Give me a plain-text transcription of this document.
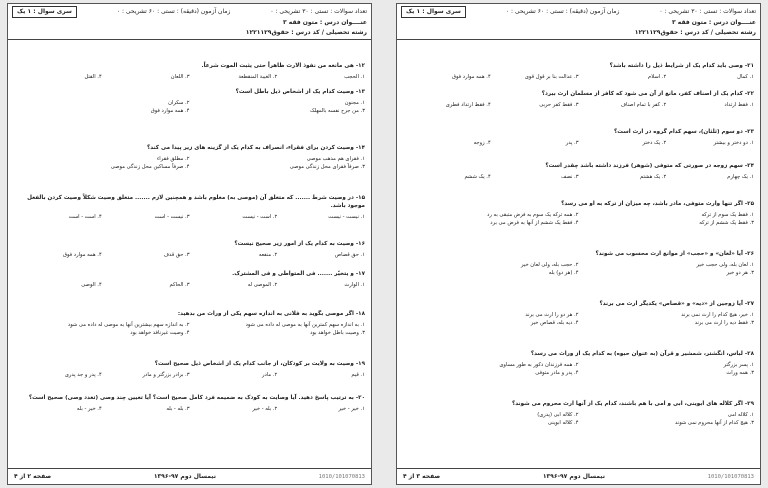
تعداد سوالات : تستی : ۳۰ تشریحی : ۰
زمان آزمون (دقیقه) : تستی : ۶۰ تشریحی : ۰
سری سوال : ۱ یک
عنــــوان درس : متون فقه ۳
رشته تحصیلی / کد درس : حقوق۱۲۲۱۱۲۹
۱۲- هی مانعه من نفوذ الارث ظاهراً حتی یثبت الموت شرعاً.
۱. الحجب
۲. الغیبة المنقطعة
۳. اللعان
۴. القتل
۱۳- وصیت کدام یک از اشخاص ذیل باطل است؟
۱. مجنون
۲. سکران
۳. من جرح نفسه بالمهلک
۴. همه موارد فوق
۱۴- وصیت کردن برای فقراء، انصراف به کدام یک از گزینه های زیر پیدا می کند؟
۱. فقرای هم مذهب موصی
۲. مطلق فقراء
۳. صرفاً فقرای محل زندگی موصی
۴. صرفاً مساکین محل زندگی موصی
۱۵- در وصیت شرط ....... که متعلق آن (موصی به) معلوم باشد و همچنین لازم ....... متعلق وصیت شکلاً وصیت کردن بالفعل موجود باشد.
۱. نیست - نیست
۲. است - نیست
۳. نیست - است
۴. است - است
۱۶- وصیت به کدام یک از امور زیر صحیح نیست؟
۱. حق قصاص
۲. منفعه
۳. حق قذف
۴. همه موارد فوق
۱۷- و یتخیّر ....... فی المتواطی و فی المشترک.
۱. الوارث
۲. الموصی له
۳. الحاکم
۴. الوصی
۱۸- اگر موصی بگوید به فلانی به اندازه سهم یکی از وراث من بدهید:
۱. به اندازه سهم کمترین آنها به موصی له داده می شود
۲. به اندازه سهم بیشترین آنها به موصی له داده می شود
۳. وصیت باطل خواهد بود
۴. وصیت غیرنافذ خواهد بود
۱۹- وصیت به ولایت بر کودکان، از جانب کدام یک از اشخاص ذیل صحیح است؟
۱. قیم
۲. مادر
۳. برادر بزرگتر و مادر
۴. پدر و جد پدری
۲۰- به ترتیب پاسخ دهید. آیا وصایت به کودک به ضمیمه فرد کامل صحیح است؟ آیا تعیین چند وصی (تعدد وصی) صحیح است؟
۱. خیر - خیر
۲. بله - خیر
۳. بله - بله
۴. خیر - بله
1010/101070813
نیمسال دوم ۹۷-۱۳۹۶
صفحه ۲ از ۴
تعداد سوالات : تستی : ۳۰ تشریحی : ۰
زمان آزمون (دقیقه) : تستی : ۶۰ تشریحی : ۰
سری سوال : ۱ یک
عنــــوان درس : متون فقه ۳
رشته تحصیلی / کد درس : حقوق۱۲۲۱۱۲۹
۲۱- وصی باید کدام یک از شرایط ذیل را داشته باشد؟
۱. کمال
۲. اسلام
۳. عدالت بنا بر قول قوی
۴. همه موارد فوق
۲۲- کدام یک از اصناف کفر، مانع از آن می شود که کافر از مسلمان ارث ببرد؟
۱. فقط ارتداد
۲. کفر با تمام اصناف
۳. فقط کفر حربی
۴. فقط ارتداد فطری
۲۳- دو سوم (ثلثان)، سهم کدام گروه در ارث است؟
۱. دو دختر و بیشتر
۲. یک دختر
۳. پدر
۴. زوجه
۲۴- سهم زوجه در صورتی که متوفی (شوهر) فرزند داشته باشد چقدر است؟
۱. یک چهارم
۲. یک هشتم
۳. نصف
۴. یک ششم
۲۵- اگر تنها وارث متوفی، مادر باشد، چه میزان از ترکه به او می رسد؟
۱. فقط یک سوم از ترکه
۲. همه ترکه یک سوم به فرض متبقی به رد
۳. فقط یک ششم از ترکه
۴. فقط یک ششم از آنها به فرض می برد
۲۶- آیا «لعان» و «حجب» از موانع ارث محسوب می شوند؟
۱. لعان بله، ولی حجب خیر
۲. حجب بله، ولی لعان خیر
۳. هر دو خیر
۴. (هر دو) بله
۲۷- آیا زوجین از «دیه» و «قصاص» یکدیگر ارث می برند؟
۱. خیر، هیچ کدام را ارث نمی برند
۲. هر دو را ارث می برند
۳. فقط دیه را ارث می برند
۴. دیه بله، قصاص خیر
۲۸- لباس، انگشتر، شمشیر و قرآن (به عنوان حبوه) به کدام یک از وراث می رسد؟
۱. پسر بزرگتر
۲. همه فرزندان ذکور به طور مساوی
۳. همه وراث
۴. پدر و مادر متوفی
۲۹- اگر کلاله های ابوینی، ابی و امی با هم باشند، کدام یک از آنها ارث محروم می شوند؟
۱. کلاله امی
۲. کلاله ابی (پدری)
۳. هیچ کدام از آنها محروم نمی شوند
۴. کلاله ابوینی
1010/101070813
نیمسال دوم ۹۷-۱۳۹۶
صفحه ۳ از ۴
